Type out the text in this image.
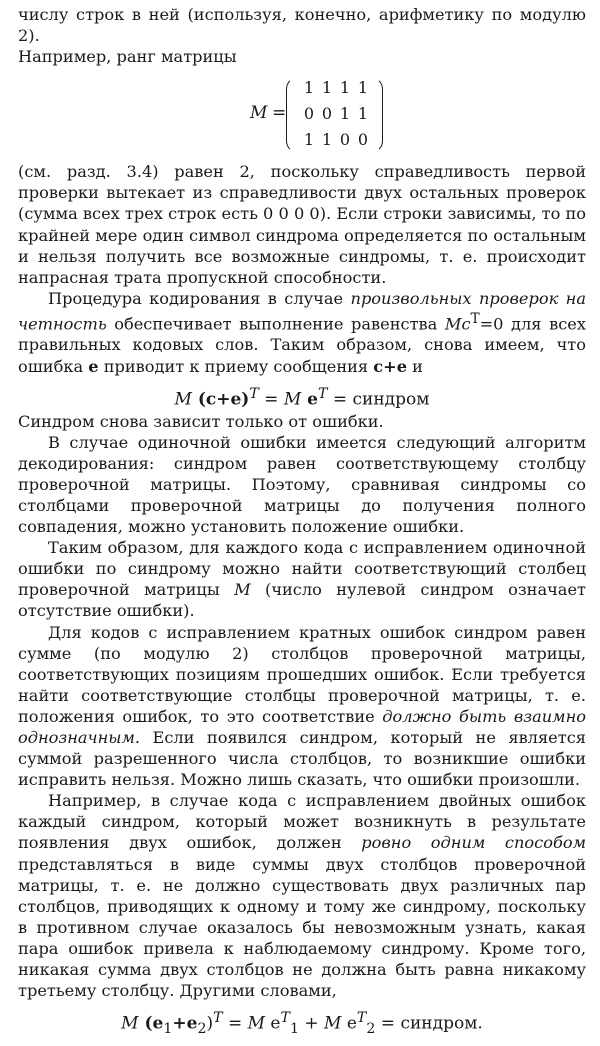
числу строк в ней (используя, конечно, арифметику по модулю 2).

Например, ранг матрицы

M =
1 1 1 1
0 0 1 1
1 1 0 0

(см. разд. 3.4) равен 2, поскольку справедливость первой проверки вытекает из справедливости двух остальных проверок (сумма всех трех строк есть 0 0 0 0). Если строки зависимы, то по крайней мере один символ синдрома определяется по остальным и нельзя получить все возможные синдромы, т. е. происходит напрасная трата пропускной способности.

Процедура кодирования в случае произвольных проверок на четность обеспечивает выполнение равенства $Mc^T=0$ для всех правильных кодовых слов. Таким образом, снова имеем, что ошибка e приводит к приему сообщения c+e и

M $(c+e)^T = M$ $e^T$ = синдром

Синдром снова зависит только от ошибки.

В случае одиночной ошибки имеется следующий алгоритм декодирования: синдром равен соответствующему столбцу проверочной матрицы. Поэтому, сравнивая синдромы со столбцами проверочной матрицы до получения полного совпадения, можно установить положение ошибки.

Таким образом, для каждого кода с исправлением одиночной ошибки по синдрому можно найти соответствующий столбец проверочной матрицы M (число нулевой синдром означает отсутствие ошибки).

Для кодов с исправлением кратных ошибок синдром равен сумме (по модулю 2) столбцов проверочной матрицы, соответствующих позициям прошедших ошибок. Если требуется найти соответствующие столбцы проверочной матрицы, т. е. положения ошибок, то это соответствие должно быть взаимно однозначным. Если появился синдром, который не является суммой разрешенного числа столбцов, то возникшие ошибки исправить нельзя. Можно лишь сказать, что ошибки произошли.

Например, в случае кода с исправлением двойных ошибок каждый синдром, который может возникнуть в результате появления двух ошибок, должен ровно одним способом представляться в виде суммы двух столбцов проверочной матрицы, т. е. не должно существовать двух различных пар столбцов, приводящих к одному и тому же синдрому, поскольку в противном случае оказалось бы невозможным узнать, какая пара ошибок привела к наблюдаемому синдрому. Кроме того, никакая сумма двух столбцов не должна быть равна никакому третьему столбцу. Другими словами,

M $(e_1+e_2)^T = M$ $e^T_1 + M$ $e^T_2$ = синдром.
